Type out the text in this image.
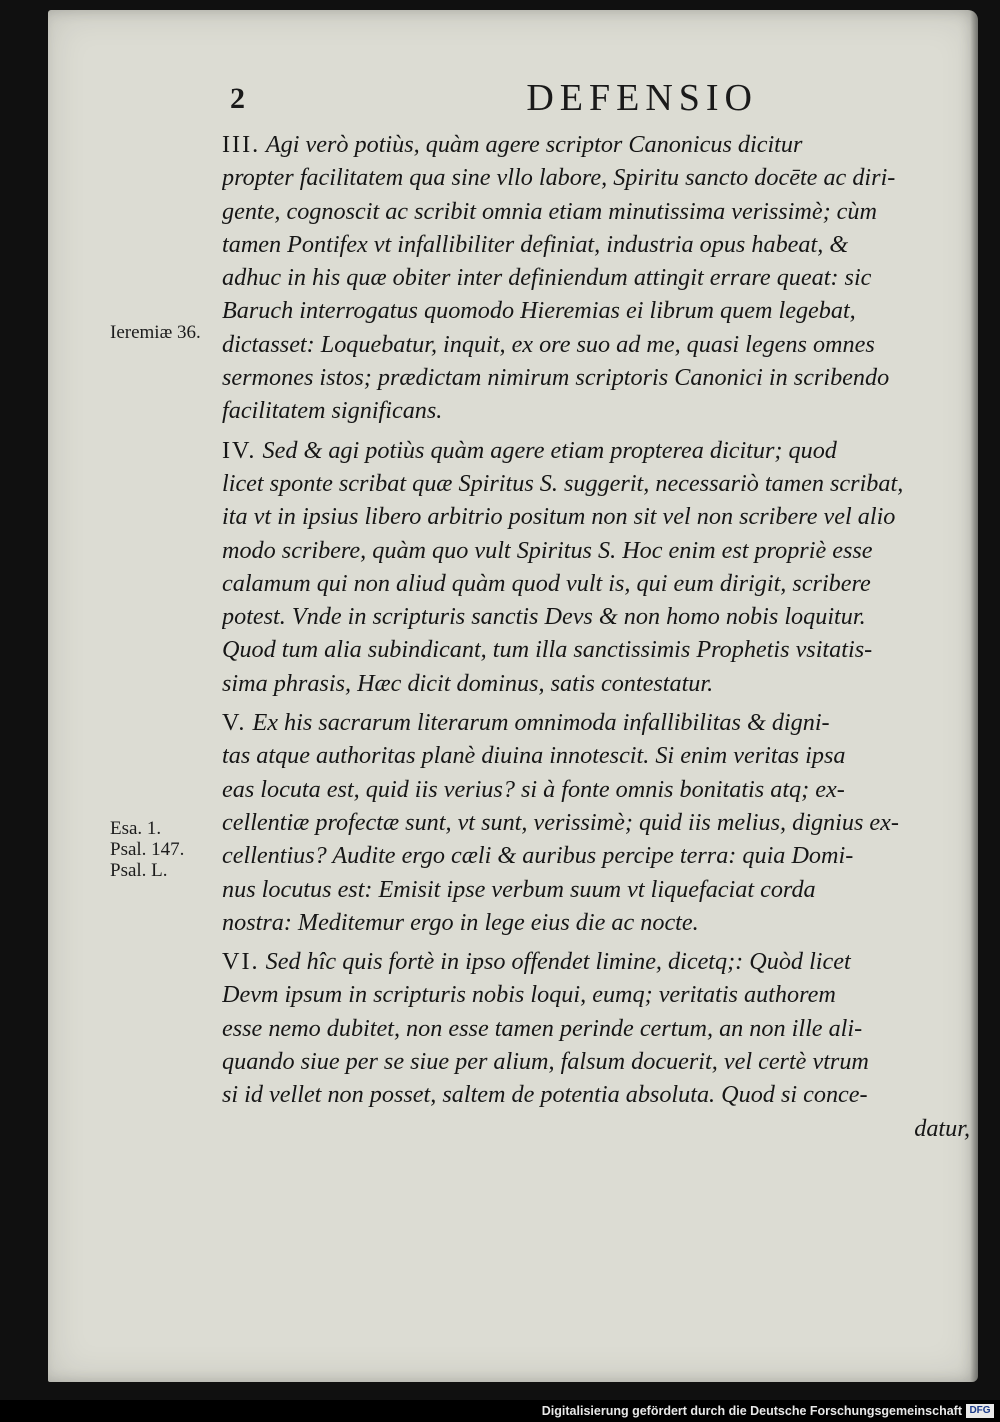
2	DEFENSIO
III. Agi verò potiùs, quàm agere scriptor Canonicus dicitur
propter facilitatem qua sine vllo labore, Spiritu sancto docēte ac diri-
gente, cognoscit ac scribit omnia etiam minutissima verissimè; cùm
tamen Pontifex vt infallibiliter definiat, industria opus habeat, &
adhuc in his quæ obiter inter definiendum attingit errare queat: sic
Baruch interrogatus quomodo Hieremias ei librum quem legebat,
dictasset: Loquebatur, inquit, ex ore suo ad me, quasi legens omnes
sermones istos; prædictam nimirum scriptoris Canonici in scribendo
facilitatem significans.
IV. Sed & agi potiùs quàm agere etiam propterea dicitur; quod
licet sponte scribat quæ Spiritus S. suggerit, necessariò tamen scribat,
ita vt in ipsius libero arbitrio positum non sit vel non scribere vel alio
modo scribere, quàm quo vult Spiritus S. Hoc enim est propriè esse
calamum qui non aliud quàm quod vult is, qui eum dirigit, scribere
potest. Vnde in scripturis sanctis Devs & non homo nobis loquitur.
Quod tum alia subindicant, tum illa sanctissimis Prophetis vsitatis-
sima phrasis, Hæc dicit dominus, satis contestatur.
V. Ex his sacrarum literarum omnimoda infallibilitas & digni-
tas atque authoritas planè diuina innotescit. Si enim veritas ipsa
eas locuta est, quid iis verius? si à fonte omnis bonitatis atq; ex-
cellentiæ profectæ sunt, vt sunt, verissimè; quid iis melius, dignius ex-
cellentius? Audite ergo cæli & auribus percipe terra: quia Domi-
nus locutus est: Emisit ipse verbum suum vt liquefaciat corda
nostra: Meditemur ergo in lege eius die ac nocte.
VI. Sed hîc quis fortè in ipso offendet limine, dicetq;: Quòd licet
Devm ipsum in scripturis nobis loqui, eumq; veritatis authorem
esse nemo dubitet, non esse tamen perinde certum, an non ille ali-
quando siue per se siue per alium, falsum docuerit, vel certè vtrum
si id vellet non posset, saltem de potentia absoluta. Quod si conce-
datur,
Ieremiæ 36.
Esa. 1.
Psal. 147.
Psal. L.
Digitalisierung gefördert durch die Deutsche Forschungsgemeinschaft DFG
